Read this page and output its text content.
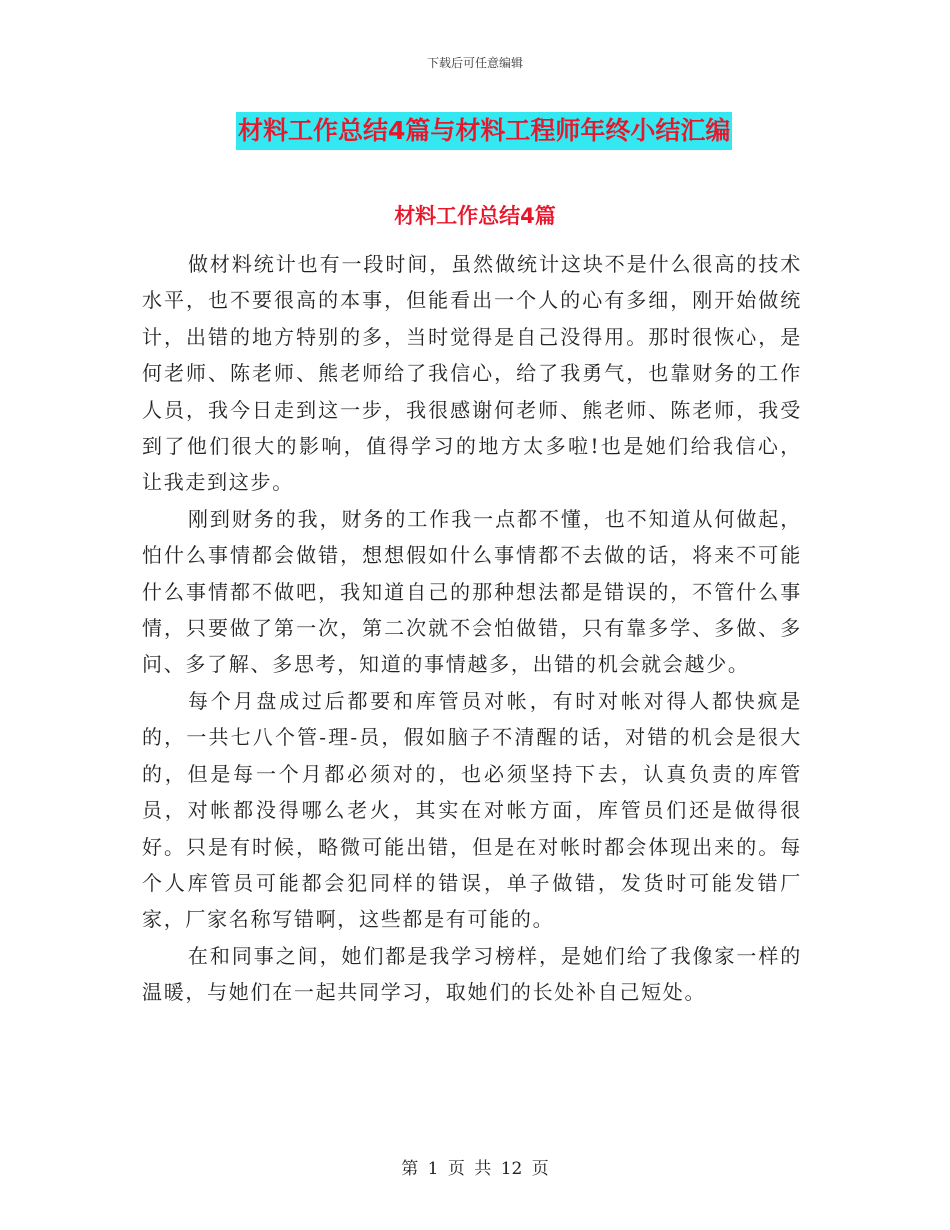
下载后可任意编辑
材料工作总结4篇与材料工程师年终小结汇编
材料工作总结4篇

做材料统计也有一段时间，虽然做统计这块不是什么很高的技术水平，也不要很高的本事，但能看出一个人的心有多细，刚开始做统计，出错的地方特别的多，当时觉得是自己没得用。那时很恢心，是何老师、陈老师、熊老师给了我信心，给了我勇气，也靠财务的工作人员，我今日走到这一步，我很感谢何老师、熊老师、陈老师，我受到了他们很大的影响，值得学习的地方太多啦!也是她们给我信心，让我走到这步。

刚到财务的我，财务的工作我一点都不懂，也不知道从何做起，怕什么事情都会做错，想想假如什么事情都不去做的话，将来不可能什么事情都不做吧，我知道自己的那种想法都是错误的，不管什么事情，只要做了第一次，第二次就不会怕做错，只有靠多学、多做、多问、多了解、多思考，知道的事情越多，出错的机会就会越少。

每个月盘成过后都要和库管员对帐，有时对帐对得人都快疯是的，一共七八个管-理-员，假如脑子不清醒的话，对错的机会是很大的，但是每一个月都必须对的，也必须坚持下去，认真负责的库管员，对帐都没得哪么老火，其实在对帐方面，库管员们还是做得很好。只是有时候，略微可能出错，但是在对帐时都会体现出来的。每个人库管员可能都会犯同样的错误，单子做错，发货时可能发错厂家，厂家名称写错啊，这些都是有可能的。

在和同事之间，她们都是我学习榜样，是她们给了我像家一样的温暖，与她们在一起共同学习，取她们的长处补自己短处。

第 1 页 共 12 页
